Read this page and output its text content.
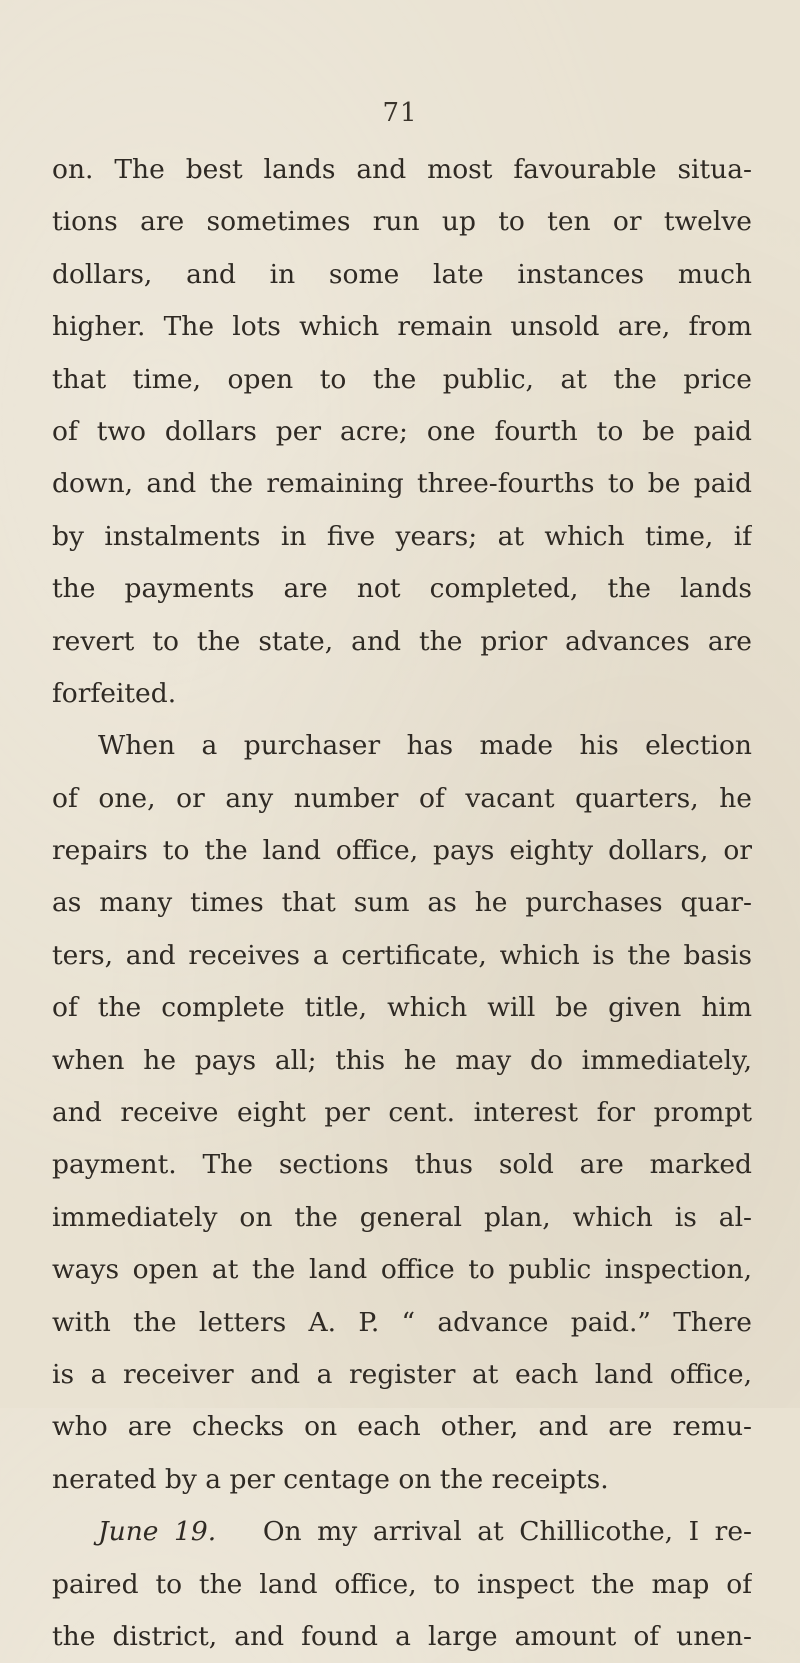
71
on. The best lands and most favourable situa-
tions are sometimes run up to ten or twelve
dollars, and in some late instances much
higher. The lots which remain unsold are, from
that time, open to the public, at the price
of two dollars per acre; one fourth to be paid
down, and the remaining three-fourths to be paid
by instalments in five years; at which time, if
the payments are not completed, the lands
revert to the state, and the prior advances are
forfeited.
When a purchaser has made his election
of one, or any number of vacant quarters, he
repairs to the land office, pays eighty dollars, or
as many times that sum as he purchases quar-
ters, and receives a certificate, which is the basis
of the complete title, which will be given him
when he pays all; this he may do immediately,
and receive eight per cent. interest for prompt
payment. The sections thus sold are marked
immediately on the general plan, which is al-
ways open at the land office to public inspection,
with the letters A. P. “ advance paid.” There
is a receiver and a register at each land office,
who are checks on each other, and are remu-
nerated by a per centage on the receipts.
June 19. On my arrival at Chillicothe, I re-
paired to the land office, to inspect the map of
the district, and found a large amount of unen-
